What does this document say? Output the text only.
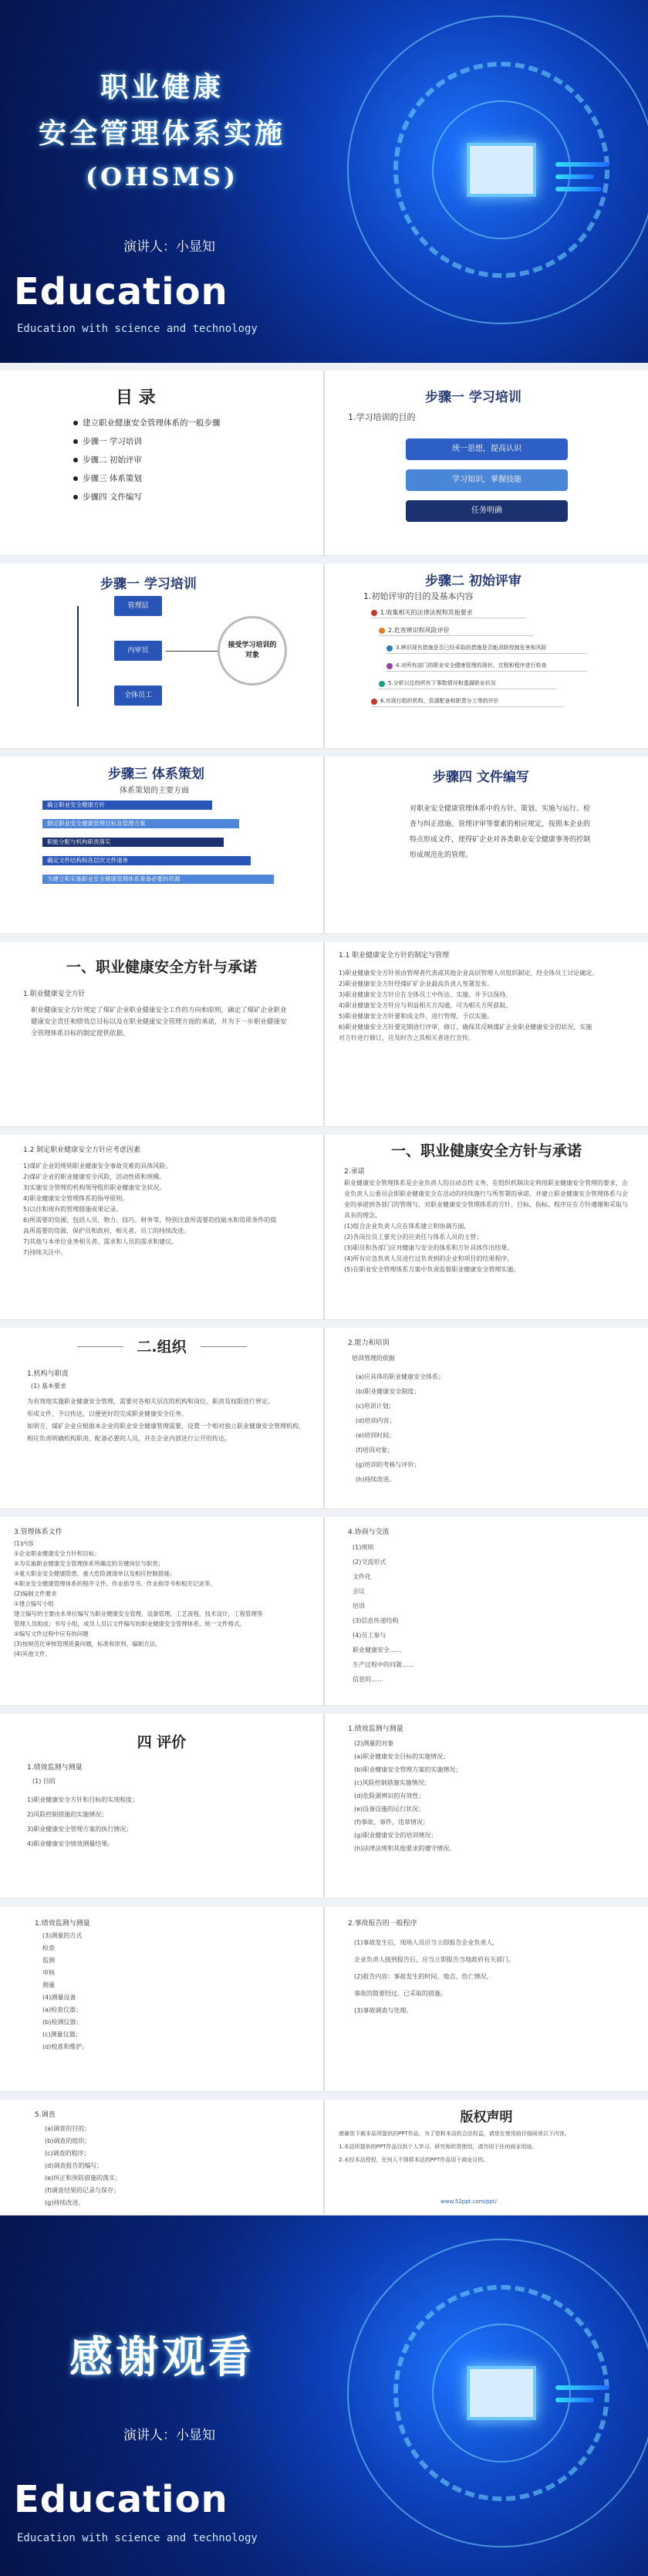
职业健康
安全管理体系实施
(OHSMS)
演讲人：小显知
Education
Education with science and technology
目 录
建立职业健康安全管理体系的一般步骤
步骤一 学习培训
步骤二 初始评审
步骤三 体系策划
步骤四 文件编写
步骤一 学习培训
1.学习培训的目的
统一思想，提高认识
学习知识，掌握技能
任务明确
步骤一 学习培训
管理层
内审员
全体员工
接受学习培训的对象
步骤二 初始评审
1.初始评审的目的及基本内容
1.收集相关的法律法规和其他要求
2.危害辨识和风险评价
3.辨识现有措施是否已经采取的措施是否能消除控制危害和风险
4.对所有部门的职业安全健康管理的现状、过程和程序进行检查
5.分析以往的所有下事数情况和遗漏职业状况
6.对现行组织机构、资源配备和职责分工等的评价
步骤三 体系策划
体系策划的主要方面
确立职业安全健康方针
制定职业安全健康管理目标及管理方案
职能分配与机构职责落实
确定文件结构和各层次文件清单
为建立和实施职业安全健康管理体系准备必要的资源
步骤四 文件编写
对职业安全健康管理体系中的方针、策划、实施与运行、检查与纠正措施、管理评审等要素的相应规定，按照本企业的特点形成文件，使得矿企业对各类职业安全健康事务的控制形成规范化的管理。
一、职业健康安全方针与承诺
1.职业健康安全方针
职业健康安全方针规定了煤矿企业职业健康安全工作的方向和原则，确定了煤矿企业职业
健康安全责任和绩效总目标以及在职业健康安全管理方面的承诺，并为下一步职业健康安
全管理体系目标的制定提供依据。
1.1 职业健康安全方针的制定与管理
1)职业健康安全方针须由管理者代表或其他企业高层管理人员组织制定，经全体员工讨论确定。
2)职业健康安全方针经煤矿矿企业最高负责人签署发布。
3)职业健康安全方针应在全体员工中传达、实施、并予以保持。
4)职业健康安全方针应与利益相关方沟通，可为相关方所获取。
5)职业健康安全方针要和成文件，进行管理，予以实施。
6)职业健康安全方针要定期进行评审，修订，确保其反映煤矿企业职业健康安全的状况，实施
对方针进行修订，应及时告之其相关者进行宣传。
1.2 制定职业健康安全方针应考虑因素
1)煤矿企业的规则职业健康安全事故灾难的具体风险。
2)煤矿企业的职业健康安全风险，活动性质和规模。
3)实施安全管理的机构领导组织职业健康安全状况。
4)职业健康安全管理体系的指导原则。
5)以往和现有的管理措施成果记录。
6)所需要的资源，包括人员、物力、技巧、财务等，特别注意所需要的技能水和资质条件的提
高所需要的资源，保护员和政府，相关者、员工的持续改进。
7)其他与本单位业务相关者、需求和人员的需求和建议。
7)持续关注中。
一、职业健康安全方针与承诺
2.承诺
职业健康安全管理体系是企业负责人的自动态性义务，在组织机制决定利用职业健康安全管理的要求，企业负责人公委员会即职业健康安全在活动的持续施行与所签署的承诺，并建立职业健康安全管理体系与企业的承诺到各部门的管理与，对职业健康安全管理体系的方针、目标、指标、程序应在方针遵循和采取与具有的理念。
(1)组合企业负责人应在体系建立和协调方面，
(2)各岗位员工要充分的应责任与体系人员的主管；
(3)职员和各部门应对健康与安全的体系和方针具体作出结果。
(4)所有应急负责人员进行过负责到的企业和项目的结果程序，
(5)在职业安全管理体系方案中负责监督职业健康安全管理实施。
二.组织
1.机构与职责
(1) 基本要求
为有效地实施职业健康安全管理，需要对各相关层次的机构和岗位、职责及权限进行界定。
形成文件，予以传达，以便更好的完成职业健康安全任务。
如明方，煤矿企业应根据本企业的职业安全健康管理需要，设置一个相对独立职业健康安全管理机构，
相应负责明确机构职责、配备必要的人员，并在企业内部进行公开的传达。
2.能力和培训
培训管理的依据
(a)应具体的职业健康安全体系；
(b)职业健康安全制度；
(c)培训计划；
(d)培训内容；
(e)培训时间；
(f)培训对象；
(g)培训的考核与评价；
(h)持续改进。
3.管理体系文件
(1)内容
①企业职业健康安全方针和目标；
②为实施职业健康安全管理体系所确定的关键岗位与职责；
③重大职业安全健康隐患、重大危险源清单以及相应控制措施；
④职业安全健康管理体系的程序文件、作业指导书、作业指导书和相关记录等。
(2)编制文件要求
①建立编写小组
建立编写的主要由本单位编写为职业健康安全管理，设备管理，工艺流程，技术设计，工程管理等
管理人员组成；书写小组，成员人员以文件编写的职业健康安全管理体系，统一文件格式。
②编写文件过程中应有的问题
(3)按规范化审核管理质量问题，标准和原则，编制方法。
(4)其他文件。
4.协商与交流
(1)规则
(2)交流形式
文件化
会议
培训
(3)信息传递结构
(4)员工参与
职业健康安全……
生产过程中的问题……
信息的……
四 评价
1.绩效监测与测量
(1) 目的
1)职业健康安全方针和目标的实现程度；
2)风险控制措施的实施情况；
3)职业健康安全管理方案的执行情况；
4)职业健康安全绩效测量结果。
1.绩效监测与测量
(2)测量的对象
(a)职业健康安全目标的实施情况；
(b)职业健康安全管理方案的实施情况；
(c)风险控制措施实施情况；
(d)危险源辨识的有效性；
(e)设备设施的运行状况；
(f)事故，事件，违章情况；
(g)职业健康安全的培训情况；
(h)法律法规和其他要求的遵守情况。
1.绩效监测与测量
(3)测量的方式
检查
监测
审核
测量
(4)测量设备
(a)检查仪器；
(b)检测仪器；
(c)测量仪器；
(d)校准和维护。
2.事故报告的一般程序
(1)事故发生后，现场人员应当立即报告企业负责人，
企业负责人接到报告后，应当立即报告当地政府有关部门。
(2)报告内容：事故发生的时间、地点、伤亡情况、
事故的简要经过、已采取的措施。
(3)事故调查与处理。
5.调查
(a)调查的目的；
(b)调查的组织；
(c)调查的程序；
(d)调查报告的编写；
(e)纠正和预防措施的落实；
(f)调查结果的记录与保存；
(g)持续改进。
版权声明
感谢您下载本站所提供的PPT作品，为了您和本站的合法权益，请您在使用前仔细阅读以下内容。
1.本站所提供的PPT作品仅供个人学习、研究和欣赏使用，请勿用于任何商业用途。
2.未经本站授权，任何人不得将本站的PPT作品用于商业目的。
www.52ppt.com/ppt/
感谢观看
演讲人：小显知
Education
Education with science and technology
